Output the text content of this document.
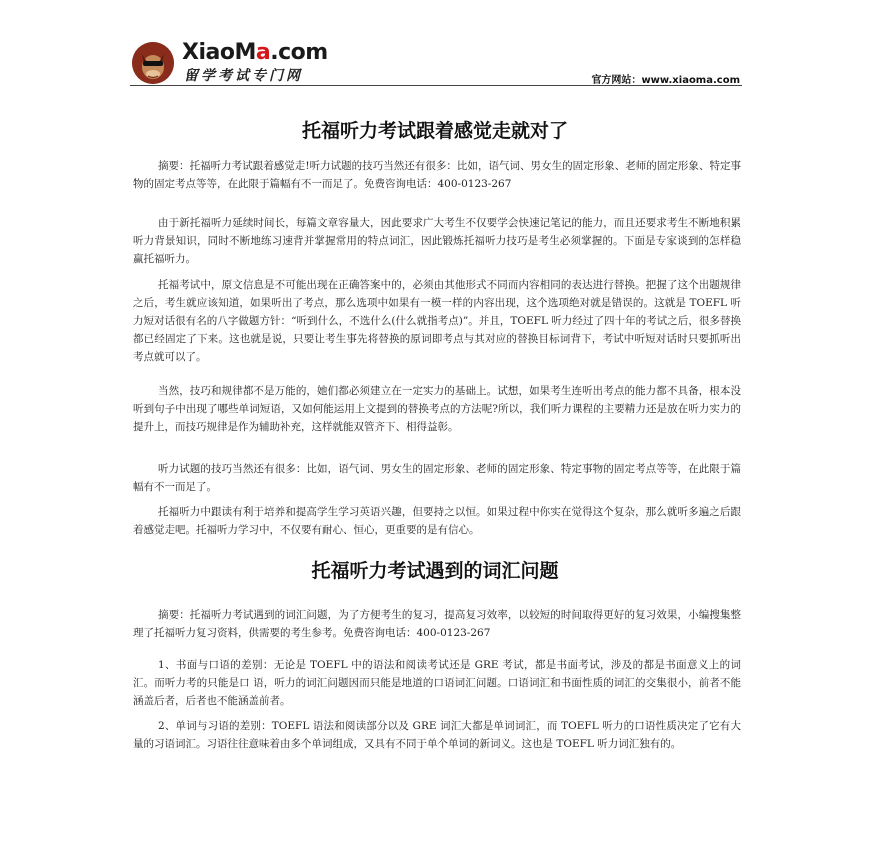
XiaoMa.com
留学考试专门网	官方网站：www.xiaoma.com
托福听力考试跟着感觉走就对了

摘要：托福听力考试跟着感觉走!听力试题的技巧当然还有很多：比如，语气词、男女生的固定形象、老师的固定形象、特定事物的固定考点等等，在此限于篇幅有不一而足了。免费咨询电话：400-0123-267

由于新托福听力延续时间长，每篇文章容量大，因此要求广大考生不仅要学会快速记笔记的能力，而且还要求考生不断地积累听力背景知识，同时不断地练习速背并掌握常用的特点词汇，因此锻炼托福听力技巧是考生必须掌握的。下面是专家谈到的怎样稳赢托福听力。

托福考试中，原文信息是不可能出现在正确答案中的，必须由其他形式不同而内容相同的表达进行替换。把握了这个出题规律之后，考生就应该知道，如果听出了考点，那么选项中如果有一模一样的内容出现，这个选项绝对就是错误的。这就是 TOEFL 听力短对话很有名的八字做题方针：“听到什么，不选什么(什么就指考点)”。并且，TOEFL 听力经过了四十年的考试之后，很多替换都已经固定了下来。这也就是说，只要让考生事先将替换的原词即考点与其对应的替换目标词背下，考试中听短对话时只要抓听出考点就可以了。

当然，技巧和规律都不是万能的，她们都必须建立在一定实力的基础上。试想，如果考生连听出考点的能力都不具备，根本没听到句子中出现了哪些单词短语，又如何能运用上文提到的替换考点的方法呢?所以，我们听力课程的主要精力还是放在听力实力的提升上，而技巧规律是作为辅助补充，这样就能双管齐下、相得益彰。

听力试题的技巧当然还有很多：比如，语气词、男女生的固定形象、老师的固定形象、特定事物的固定考点等等，在此限于篇幅有不一而足了。

托福听力中跟读有利于培养和提高学生学习英语兴趣，但要持之以恒。如果过程中你实在觉得这个复杂，那么就听多遍之后跟着感觉走吧。托福听力学习中，不仅要有耐心、恒心，更重要的是有信心。

托福听力考试遇到的词汇问题

摘要：托福听力考试遇到的词汇问题，为了方便考生的复习，提高复习效率，以较短的时间取得更好的复习效果，小编搜集整理了托福听力复习资料，供需要的考生参考。免费咨询电话：400-0123-267

1、书面与口语的差别：无论是 TOEFL 中的语法和阅读考试还是 GRE 考试，都是书面考试，涉及的都是书面意义上的词汇。而听力考的只能是口 语，听力的词汇问题因而只能是地道的口语词汇问题。口语词汇和书面性质的词汇的交集很小，前者不能涵盖后者，后者也不能涵盖前者。

2、单词与习语的差别：TOEFL 语法和阅读部分以及 GRE 词汇大都是单词词汇，而 TOEFL 听力的口语性质决定了它有大量的习语词汇。习语往往意味着由多个单词组成，又具有不同于单个单词的新词义。这也是 TOEFL 听力词汇独有的。
